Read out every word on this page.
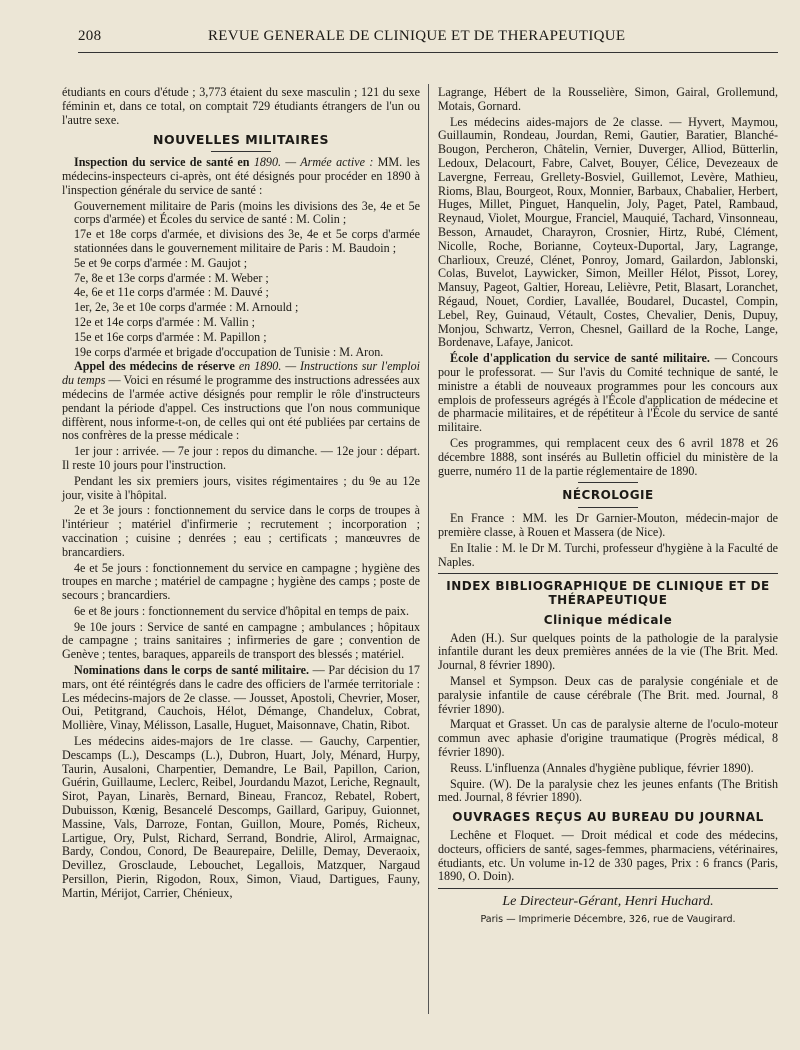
208	REVUE GENERALE DE CLINIQUE ET DE THERAPEUTIQUE

étudiants en cours d'étude ; 3,773 étaient du sexe masculin ; 121 du sexe féminin et, dans ce total, on comptait 729 étudiants étrangers de l'un ou l'autre sexe.

NOUVELLES MILITAIRES

Inspection du service de santé en 1890. — Armée active : MM. les médecins-inspecteurs ci-après, ont été désignés pour procéder en 1890 à l'inspection générale du service de santé :

Gouvernement militaire de Paris (moins les divisions des 3e, 4e et 5e corps d'armée) et Écoles du service de santé : M. Colin ;

17e et 18e corps d'armée, et divisions des 3e, 4e et 5e corps d'armée stationnées dans le gouvernement militaire de Paris : M. Baudoin ;

5e et 9e corps d'armée : M. Gaujot ;

7e, 8e et 13e corps d'armée : M. Weber ;

4e, 6e et 11e corps d'armée : M. Dauvé ;

1er, 2e, 3e et 10e corps d'armée : M. Arnould ;

12e et 14e corps d'armée : M. Vallin ;

15e et 16e corps d'armée : M. Papillon ;

19e corps d'armée et brigade d'occupation de Tunisie : M. Aron.

Appel des médecins de réserve en 1890. — Instructions sur l'emploi du temps — Voici en résumé le programme des instructions adressées aux médecins de l'armée active désignés pour remplir le rôle d'instructeurs pendant la période d'appel. Ces instructions que l'on nous communique diffèrent, nous informe-t-on, de celles qui ont été publiées par certains de nos confrères de la presse médicale :

1er jour : arrivée. — 7e jour : repos du dimanche. — 12e jour : départ. Il reste 10 jours pour l'instruction.

Pendant les six premiers jours, visites régimentaires ; du 9e au 12e jour, visite à l'hôpital.

2e et 3e jours : fonctionnement du service dans le corps de troupes à l'intérieur ; matériel d'infirmerie ; recrutement ; incorporation ; vaccination ; cuisine ; denrées ; eau ; certificats ; manœuvres de brancardiers.

4e et 5e jours : fonctionnement du service en campagne ; hygiène des troupes en marche ; matériel de campagne ; hygiène des camps ; poste de secours ; brancardiers.

6e et 8e jours : fonctionnement du service d'hôpital en temps de paix.

9e 10e jours : Service de santé en campagne ; ambulances ; hôpitaux de campagne ; trains sanitaires ; infirmeries de gare ; convention de Genève ; tentes, baraques, appareils de transport des blessés ; matériel.

Nominations dans le corps de santé militaire. — Par décision du 17 mars, ont été réintégrés dans le cadre des officiers de l'armée territoriale : Les médecins-majors de 2e classe. — Jousset, Apostoli, Chevrier, Moser, Oui, Petitgrand, Cauchois, Hélot, Démange, Chandelux, Cobrat, Mollière, Vinay, Mélisson, Lasalle, Huguet, Maisonnave, Chatin, Ribot.

Les médecins aides-majors de 1re classe. — Gauchy, Carpentier, Descamps (L.), Descamps (L.), Dubron, Huart, Joly, Ménard, Hurpy, Taurin, Ausaloni, Charpentier, Demandre, Le Bail, Papillon, Carion, Guérin, Guillaume, Leclerc, Reibel, Jourdandu Mazot, Leriche, Regnault, Sirot, Payan, Linarès, Bernard, Bineau, Francoz, Rebatel, Robert, Dubuisson, Kœnig, Besancelé Descomps, Gaillard, Garipuy, Guionnet, Massine, Vals, Darroze, Fontan, Guillon, Moure, Pomés, Richeux, Lartigue, Ory, Pulst, Richard, Serrand, Bondrie, Alirol, Armaignac, Bardy, Condou, Conord, De Beaurepaire, Delille, Demay, Deveraoix, Devillez, Grosclaude, Lebouchet, Legallois, Matzquer, Nargaud Persillon, Pierin, Rigodon, Roux, Simon, Viaud, Dartigues, Fauny, Martin, Mérijot, Carrier, Chénieux,

Lagrange, Hébert de la Rousselière, Simon, Gairal, Grollemund, Motais, Gornard.

Les médecins aides-majors de 2e classe. — Hyvert, Maymou, Guillaumin, Rondeau, Jourdan, Remi, Gautier, Baratier, Blanché-Bougon, Percheron, Châtelin, Vernier, Duverger, Alliod, Bütterlin, Ledoux, Delacourt, Fabre, Calvet, Bouyer, Célice, Devezeaux de Lavergne, Ferreau, Grellety-Bosviel, Guillemot, Levère, Mathieu, Rioms, Blau, Bourgeot, Roux, Monnier, Barbaux, Chabalier, Herbert, Huges, Millet, Pinguet, Hanquelin, Joly, Paget, Patel, Rambaud, Reynaud, Violet, Mourgue, Franciel, Mauquié, Tachard, Vinsonneau, Besson, Arnaudet, Charayron, Crosnier, Hirtz, Rubé, Clément, Nicolle, Roche, Borianne, Coyteux-Duportal, Jary, Lagrange, Charlioux, Creuzé, Clénet, Ponroy, Jomard, Gailardon, Jablonski, Colas, Buvelot, Laywicker, Simon, Meiller Hélot, Pissot, Lorey, Mansuy, Pageot, Galtier, Horeau, Lelièvre, Petit, Blasart, Loranchet, Régaud, Nouet, Cordier, Lavallée, Boudarel, Ducastel, Compin, Lebel, Rey, Guinaud, Vétault, Costes, Chevalier, Denis, Dupuy, Monjou, Schwartz, Verron, Chesnel, Gaillard de la Roche, Lange, Bordenave, Lafaye, Janicot.

École d'application du service de santé militaire. — Concours pour le professorat. — Sur l'avis du Comité technique de santé, le ministre a établi de nouveaux programmes pour les concours aux emplois de professeurs agrégés à l'École d'application de médecine et de pharmacie militaires, et de répétiteur à l'École du service de santé militaire.

Ces programmes, qui remplacent ceux des 6 avril 1878 et 26 décembre 1888, sont insérés au Bulletin officiel du ministère de la guerre, numéro 11 de la partie réglementaire de 1890.

NÉCROLOGIE

En France : MM. les Dr Garnier-Mouton, médecin-major de première classe, à Rouen et Massera (de Nice).

En Italie : M. le Dr M. Turchi, professeur d'hygiène à la Faculté de Naples.

INDEX BIBLIOGRAPHIQUE DE CLINIQUE ET DE THÉRAPEUTIQUE
Clinique médicale

Aden (H.). Sur quelques points de la pathologie de la paralysie infantile durant les deux premières années de la vie (The Brit. Med. Journal, 8 février 1890).

Mansel et Sympson. Deux cas de paralysie congéniale et de paralysie infantile de cause cérébrale (The Brit. med. Journal, 8 février 1890).

Marquat et Grasset. Un cas de paralysie alterne de l'oculo-moteur commun avec aphasie d'origine traumatique (Progrès médical, 8 février 1890).

Reuss. L'influenza (Annales d'hygiène publique, février 1890).

Squire. (W). De la paralysie chez les jeunes enfants (The British med. Journal, 8 février 1890).

OUVRAGES REÇUS AU BUREAU DU JOURNAL

Lechêne et Floquet. — Droit médical et code des médecins, docteurs, officiers de santé, sages-femmes, pharmaciens, vétérinaires, étudiants, etc. Un volume in-12 de 330 pages, Prix : 6 francs (Paris, 1890, O. Doin).

Le Directeur-Gérant, Henri Huchard.
Paris — Imprimerie Décembre, 326, rue de Vaugirard.
